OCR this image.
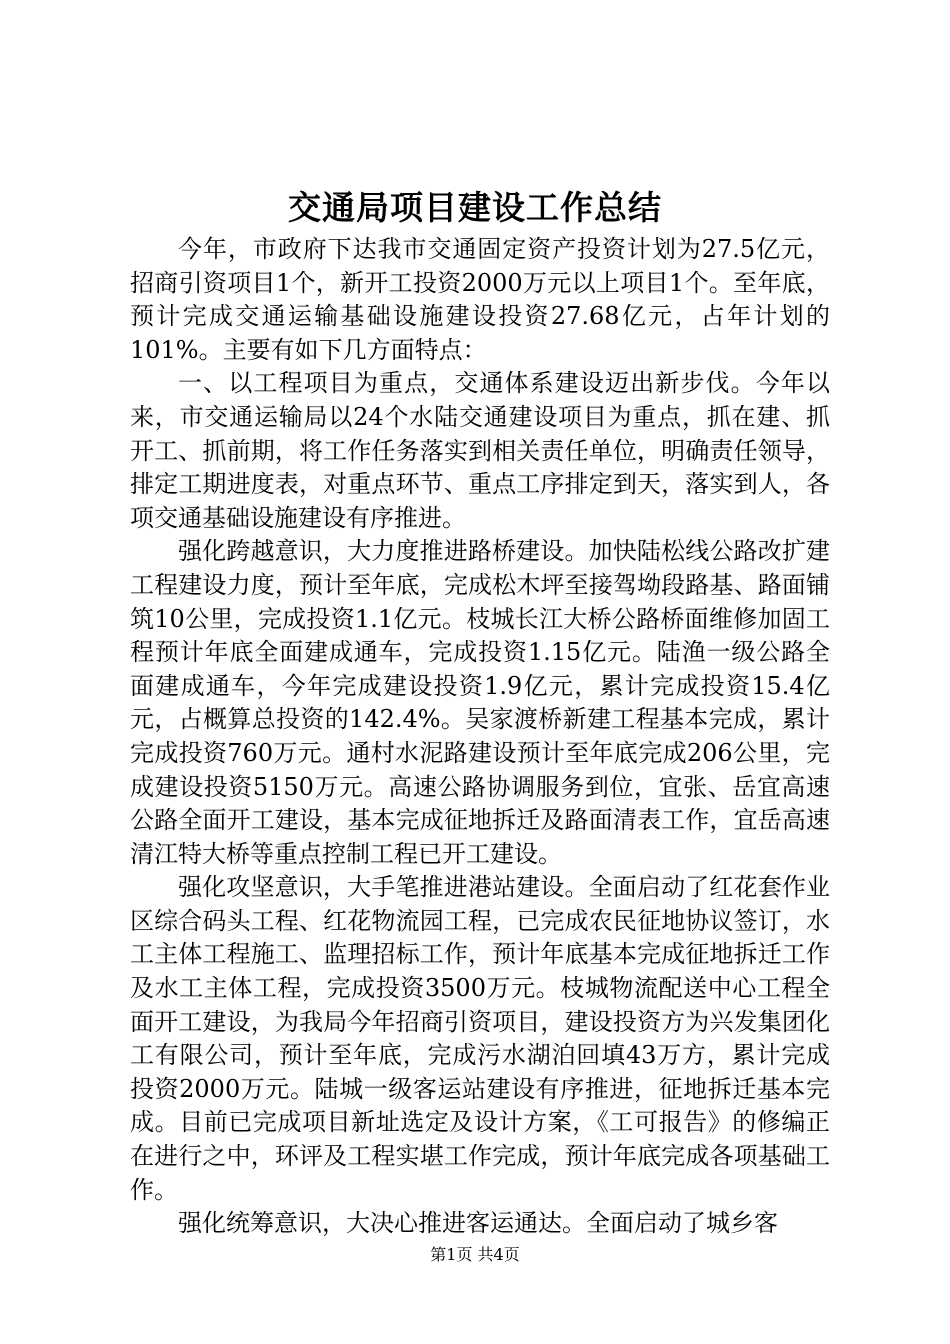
交通局项目建设工作总结

今年，市政府下达我市交通固定资产投资计划为27.5亿元，招商引资项目1个，新开工投资2000万元以上项目1个。至年底，预计完成交通运输基础设施建设投资27.68亿元，占年计划的101%。主要有如下几方面特点：

一、以工程项目为重点，交通体系建设迈出新步伐。今年以来，市交通运输局以24个水陆交通建设项目为重点，抓在建、抓开工、抓前期，将工作任务落实到相关责任单位，明确责任领导，排定工期进度表，对重点环节、重点工序排定到天，落实到人，各项交通基础设施建设有序推进。

强化跨越意识，大力度推进路桥建设。加快陆松线公路改扩建工程建设力度，预计至年底，完成松木坪至接驾坳段路基、路面铺筑10公里，完成投资1.1亿元。枝城长江大桥公路桥面维修加固工程预计年底全面建成通车，完成投资1.15亿元。陆渔一级公路全面建成通车，今年完成建设投资1.9亿元，累计完成投资15.4亿元，占概算总投资的142.4%。吴家渡桥新建工程基本完成，累计完成投资760万元。通村水泥路建设预计至年底完成206公里，完成建设投资5150万元。高速公路协调服务到位，宜张、岳宜高速公路全面开工建设，基本完成征地拆迁及路面清表工作，宜岳高速清江特大桥等重点控制工程已开工建设。

强化攻坚意识，大手笔推进港站建设。全面启动了红花套作业区综合码头工程、红花物流园工程，已完成农民征地协议签订，水工主体工程施工、监理招标工作，预计年底基本完成征地拆迁工作及水工主体工程，完成投资3500万元。枝城物流配送中心工程全面开工建设，为我局今年招商引资项目，建设投资方为兴发集团化工有限公司，预计至年底，完成污水湖泊回填43万方，累计完成投资2000万元。陆城一级客运站建设有序推进，征地拆迁基本完成。目前已完成项目新址选定及设计方案，《工可报告》的修编正在进行之中，环评及工程实堪工作完成，预计年底完成各项基础工作。

强化统筹意识，大决心推进客运通达。全面启动了城乡客

第1页 共4页
